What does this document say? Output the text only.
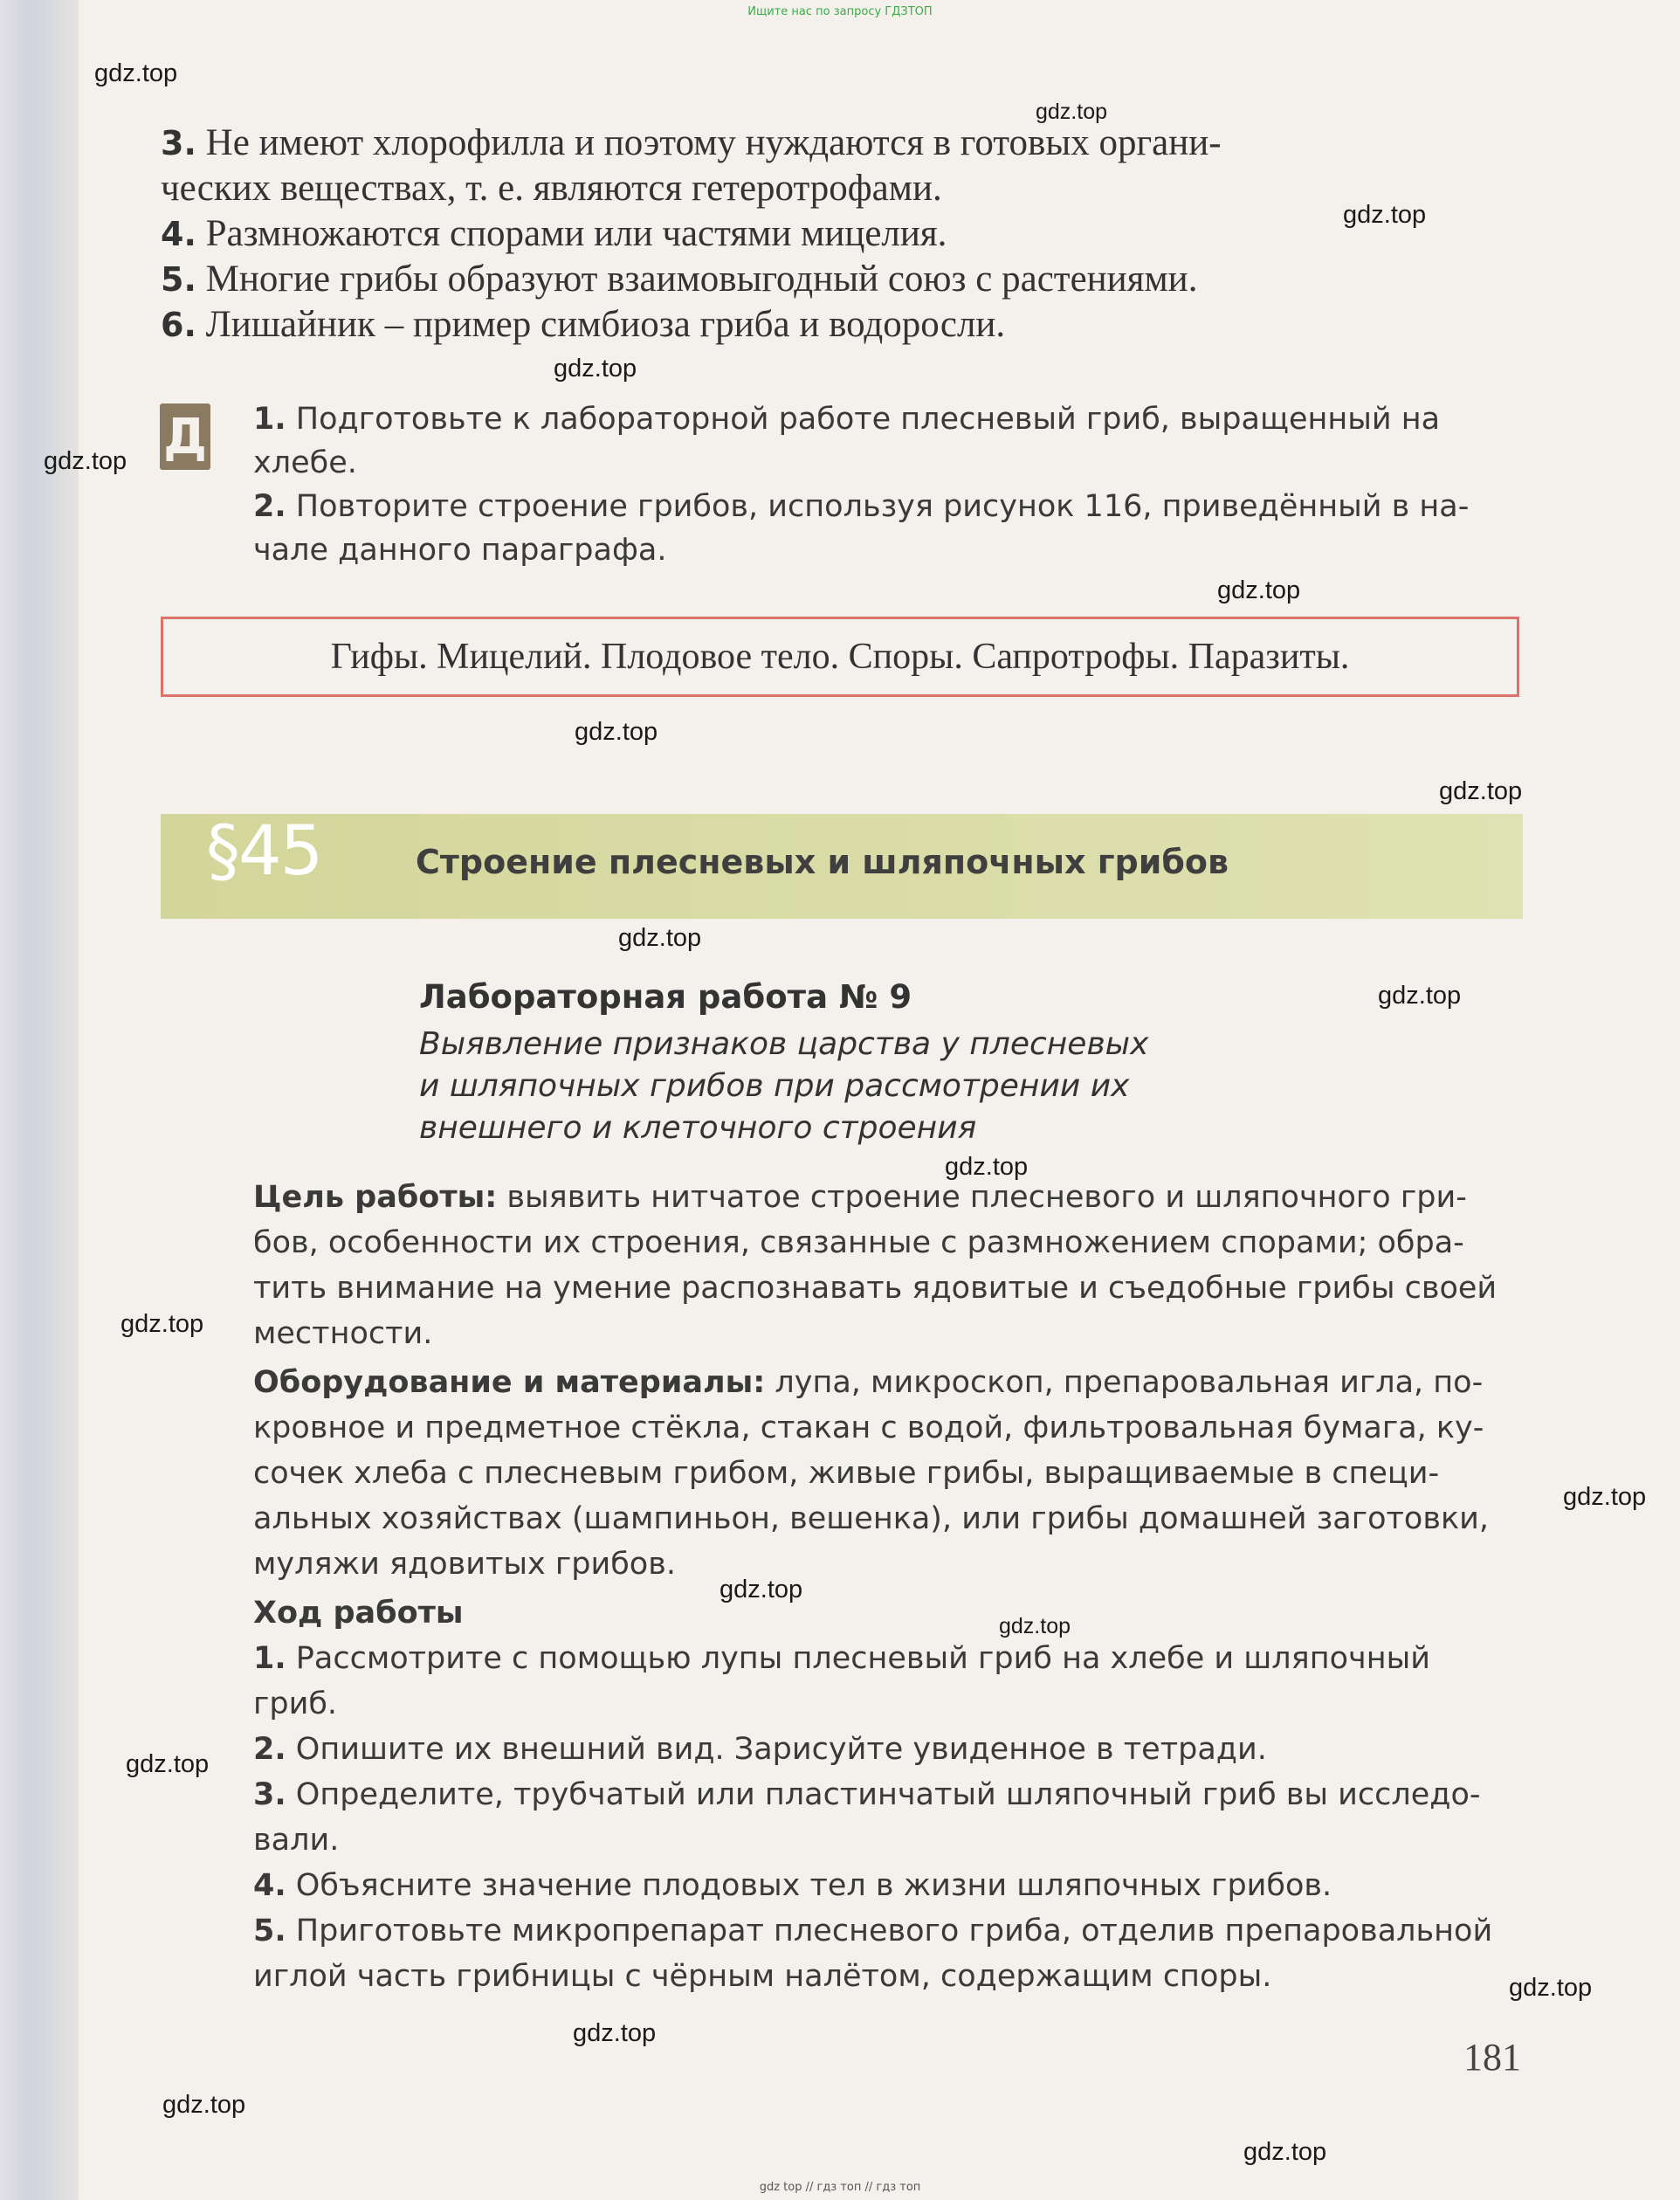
Ищите нас по запросу ГДЗТОП
3. Не имеют хлорофилла и поэтому нуждаются в готовых органи-
ческих веществах, т. е. являются гетеротрофами.
4. Размножаются спорами или частями мицелия.
5. Многие грибы образуют взаимовыгодный союз с растениями.
6. Лишайник – пример симбиоза гриба и водоросли.
Д 1. Подготовьте к лабораторной работе плесневый гриб, выращенный на
хлебе.
2. Повторите строение грибов, используя рисунок 116, приведённый в на-
чале данного параграфа.
Гифы. Мицелий. Плодовое тело. Споры. Сапротрофы. Паразиты.
§45	Строение плесневых и шляпочных грибов
Лабораторная работа № 9
Выявление признаков царства у плесневых
и шляпочных грибов при рассмотрении их
внешнего и клеточного строения
Цель работы: выявить нитчатое строение плесневого и шляпочного гри-
бов, особенности их строения, связанные с размножением спорами; обра-
тить внимание на умение распознавать ядовитые и съедобные грибы своей
местности.
Оборудование и материалы: лупа, микроскоп, препаровальная игла, по-
кровное и предметное стёкла, стакан с водой, фильтровальная бумага, ку-
сочек хлеба с плесневым грибом, живые грибы, выращиваемые в специ-
альных хозяйствах (шампиньон, вешенка), или грибы домашней заготовки,
муляжи ядовитых грибов.
Ход работы
1. Рассмотрите с помощью лупы плесневый гриб на хлебе и шляпочный
гриб.
2. Опишите их внешний вид. Зарисуйте увиденное в тетради.
3. Определите, трубчатый или пластинчатый шляпочный гриб вы исследо-
вали.
4. Объясните значение плодовых тел в жизни шляпочных грибов.
5. Приготовьте микропрепарат плесневого гриба, отделив препаровальной
иглой часть грибницы с чёрным налётом, содержащим споры.
181
gdz.top
gdz.top
gdz.top
gdz.top
gdz.top
gdz.top
gdz.top
gdz.top
gdz.top
gdz.top
gdz.top
gdz.top
gdz.top
gdz.top
gdz.top
gdz.top
gdz.top
gdz.top
gdz.top
gdz.top
gdz top // гдз топ // гдз топ
